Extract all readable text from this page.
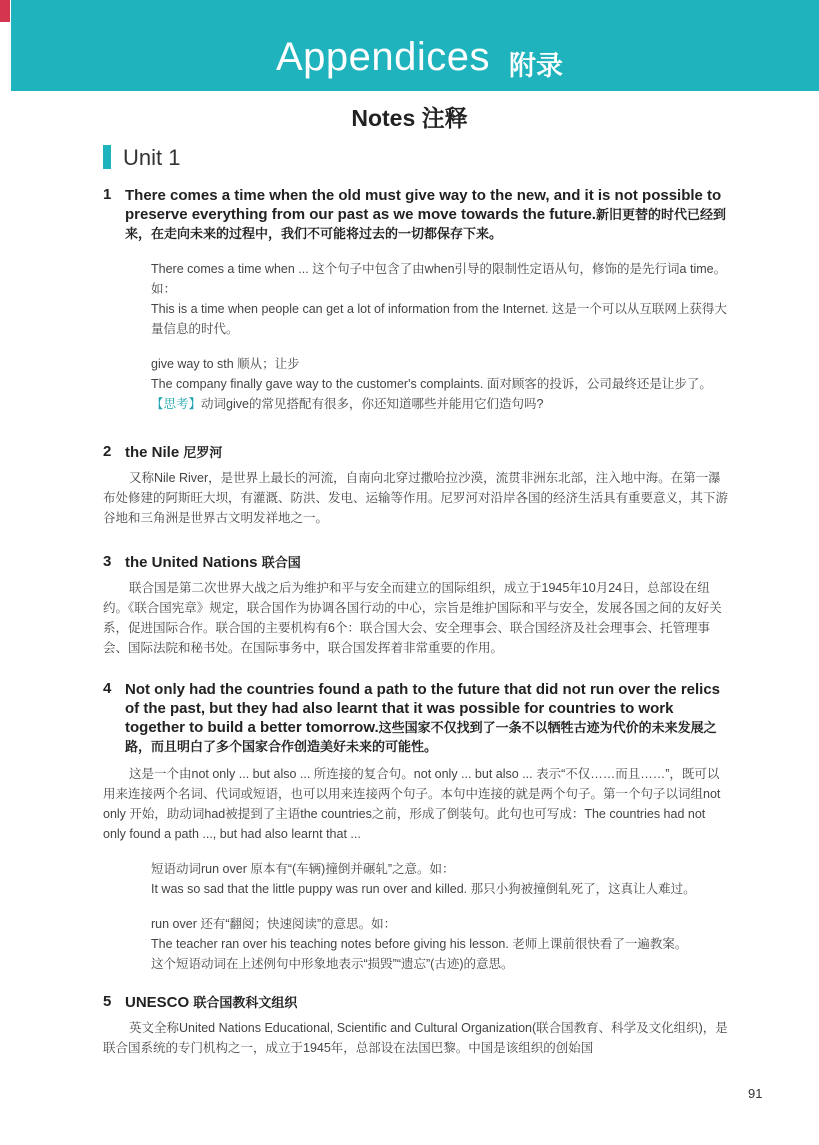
Appendices 附录
Notes 注释
Unit 1
1 There comes a time when the old must give way to the new, and it is not possible to preserve everything from our past as we move towards the future.新旧更替的时代已经到来，在走向未来的过程中，我们不可能将过去的一切都保存下来。

There comes a time when ... 这个句子中包含了由when引导的限制性定语从句，修饰的是先行词a time。如：

This is a time when people can get a lot of information from the Internet. 这是一个可以从互联网上获得大量信息的时代。

give way to sth 顺从；让步

The company finally gave way to the customer's complaints. 面对顾客的投诉，公司最终还是让步了。

【思考】动词give的常见搭配有很多，你还知道哪些并能用它们造句吗?

2 the Nile 尼罗河

又称Nile River，是世界上最长的河流，自南向北穿过撒哈拉沙漠，流贯非洲东北部，注入地中海。在第一瀑布处修建的阿斯旺大坝，有灌溉、防洪、发电、运输等作用。尼罗河对沿岸各国的经济生活具有重要意义，其下游谷地和三角洲是世界古文明发祥地之一。

3 the United Nations 联合国

联合国是第二次世界大战之后为维护和平与安全而建立的国际组织，成立于1945年10月24日，总部设在纽约。《联合国宪章》规定，联合国作为协调各国行动的中心，宗旨是维护国际和平与安全，发展各国之间的友好关系，促进国际合作。联合国的主要机构有6个：联合国大会、安全理事会、联合国经济及社会理事会、托管理事会、国际法院和秘书处。在国际事务中，联合国发挥着非常重要的作用。

4 Not only had the countries found a path to the future that did not run over the relics of the past, but they had also learnt that it was possible for countries to work together to build a better tomorrow.这些国家不仅找到了一条不以牺牲古迹为代价的未来发展之路，而且明白了多个国家合作创造美好未来的可能性。

这是一个由not only ... but also ... 所连接的复合句。not only ... but also ... 表示“不仅……而且……”，既可以用来连接两个名词、代词或短语，也可以用来连接两个句子。本句中连接的就是两个句子。第一个句子以词组not only 开始，助动词had被提到了主语the countries之前，形成了倒装句。此句也可写成：The countries had not only found a path ..., but had also learnt that ...

短语动词run over 原本有“(车辆)撞倒并碾轧”之意。如：

It was so sad that the little puppy was run over and killed. 那只小狗被撞倒轧死了，这真让人难过。

run over 还有“翻阅；快速阅读”的意思。如：

The teacher ran over his teaching notes before giving his lesson. 老师上课前很快看了一遍教案。

这个短语动词在上述例句中形象地表示“损毁”“遗忘”(古迹)的意思。

5 UNESCO 联合国教科文组织

英文全称United Nations Educational, Scientific and Cultural Organization(联合国教育、科学及文化组织)，是联合国系统的专门机构之一，成立于1945年，总部设在法国巴黎。中国是该组织的创始国

91
